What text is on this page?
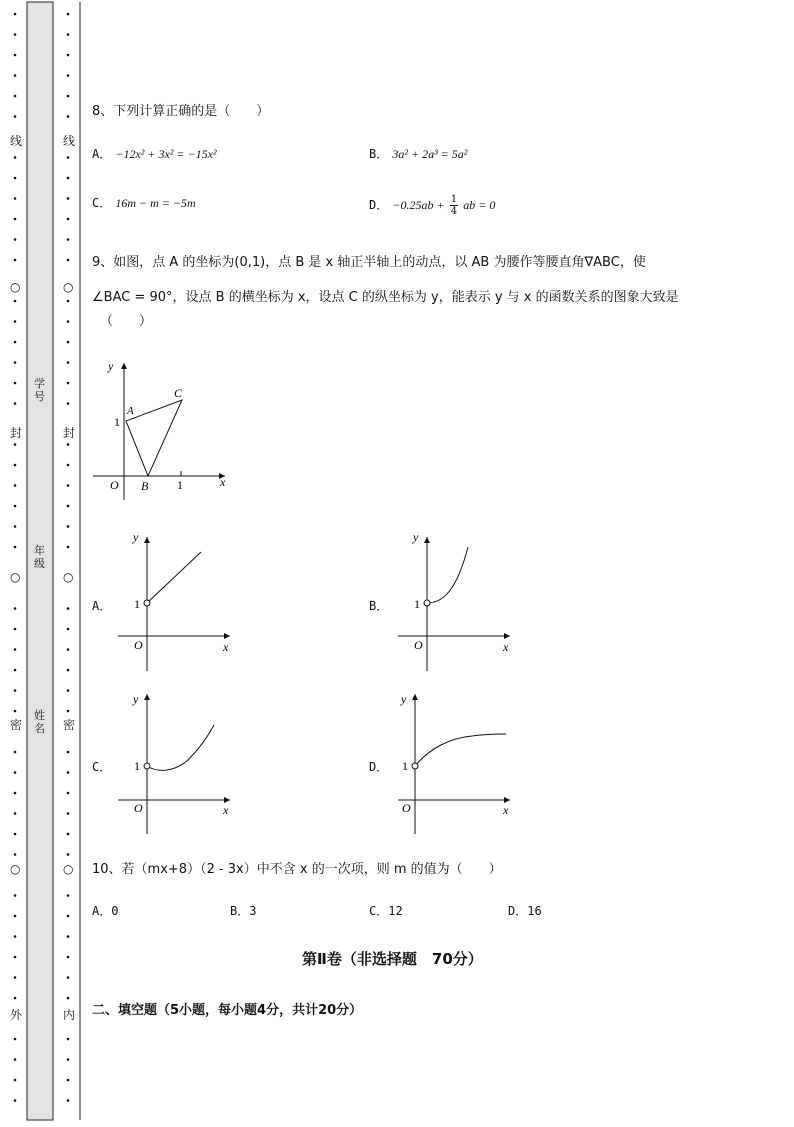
线
○
封
○
密
○
外
线
○
封
○
密
○
内
学号
年级
姓名
8、下列计算正确的是（　　）
A． −12x² + 3x² = −15x²	B． 3a² + 2a³ = 5a²
C． 16m − m = −5m	D． $-0.25ab + \frac{1}{4}$ ab = 0
9、如图，点 A 的坐标为(0,1)，点 B 是 x 轴正半轴上的动点，以 AB 为腰作等腰直角∇ABC，使
∠BAC = 90°，设点 B 的横坐标为 x，设点 C 的纵坐标为 y，能表示 y 与 x 的函数关系的图象大致是
（　　）
y
x
O
A
B
C
1
1
A．
y
x
O
1	B．
y
x
O
1
C．
y
x
O
1	D．
y
x
O
1
10、若（mx+8）（2 - 3x）中不含 x 的一次项，则 m 的值为（　　）
A．0	B．3	C．12	D．16
第Ⅱ卷（非选择题　70分）
二、填空题（5小题，每小题4分，共计20分）
